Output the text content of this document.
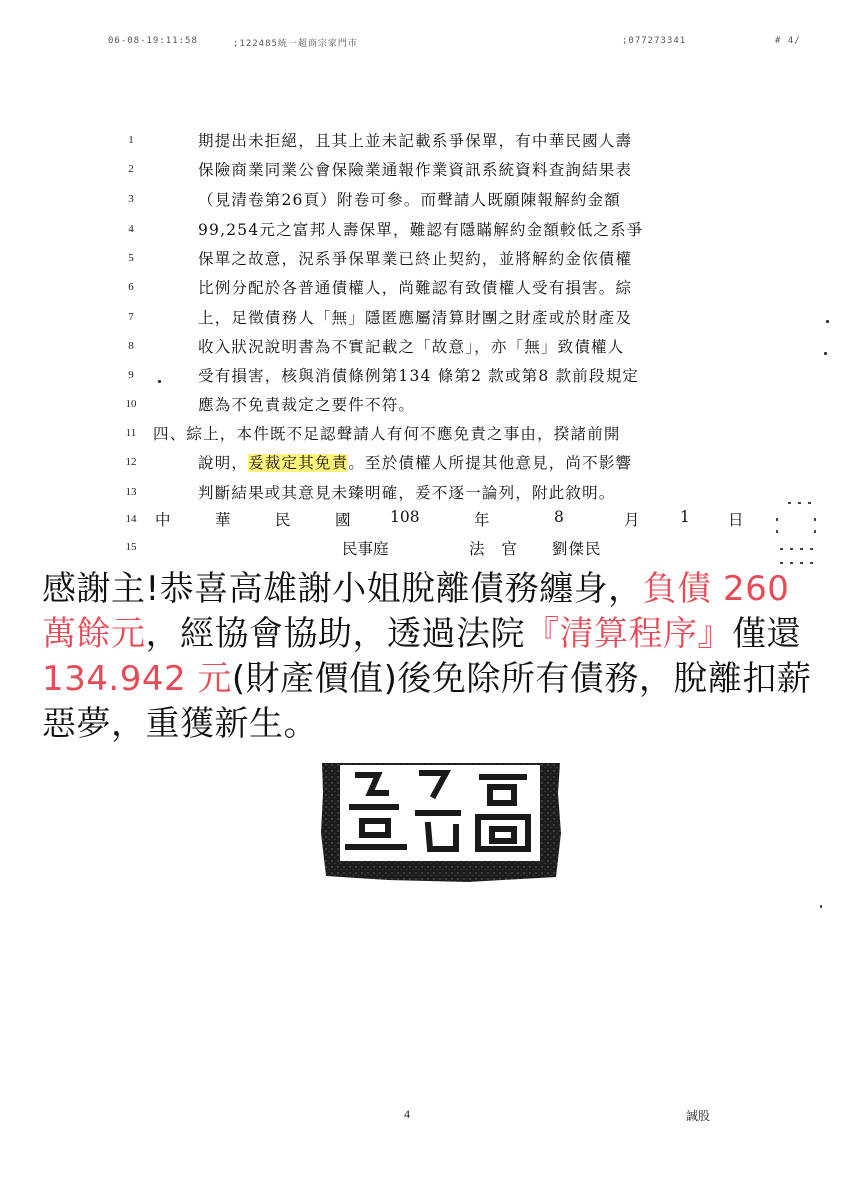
06-08-19:11:58	;122485統一超商宗家門市	;077273341	# 4/
1
2
3
4
5
6
7
8
9
10
11
12
13
14
15
期提出未拒絕，且其上並未記載系爭保單，有中華民國人壽
保險商業同業公會保險業通報作業資訊系統資料查詢結果表
（見清卷第26頁）附卷可參。而聲請人既願陳報解約金額
99,254元之富邦人壽保單，難認有隱瞞解約金額較低之系爭
保單之故意，況系爭保單業已終止契約，並將解約金依債權
比例分配於各普通債權人，尚難認有致債權人受有損害。綜
上，足徵債務人「無」隱匿應屬清算財團之財產或於財產及
收入狀況說明書為不實記載之「故意」，亦「無」致債權人
受有損害，核與消債條例第134 條第2 款或第8 款前段規定
應為不免責裁定之要件不符。
四、綜上，本件既不足認聲請人有何不應免責之事由，揆諸前開
說明，爰裁定其免責。至於債權人所提其他意見，尚不影響
判斷結果或其意見未臻明確，爰不逐一論列，附此敘明。
中	華	民	國	108	年	8	月	1 日
民事庭	法 官 劉傑民
感謝主!恭喜高雄謝小姐脫離債務纏身，負債 260 萬餘元，經協會協助，透過法院『清算程序』僅還 134.942 元(財產價值)後免除所有債務，脫離扣薪惡夢，重獲新生。
4	誠股
